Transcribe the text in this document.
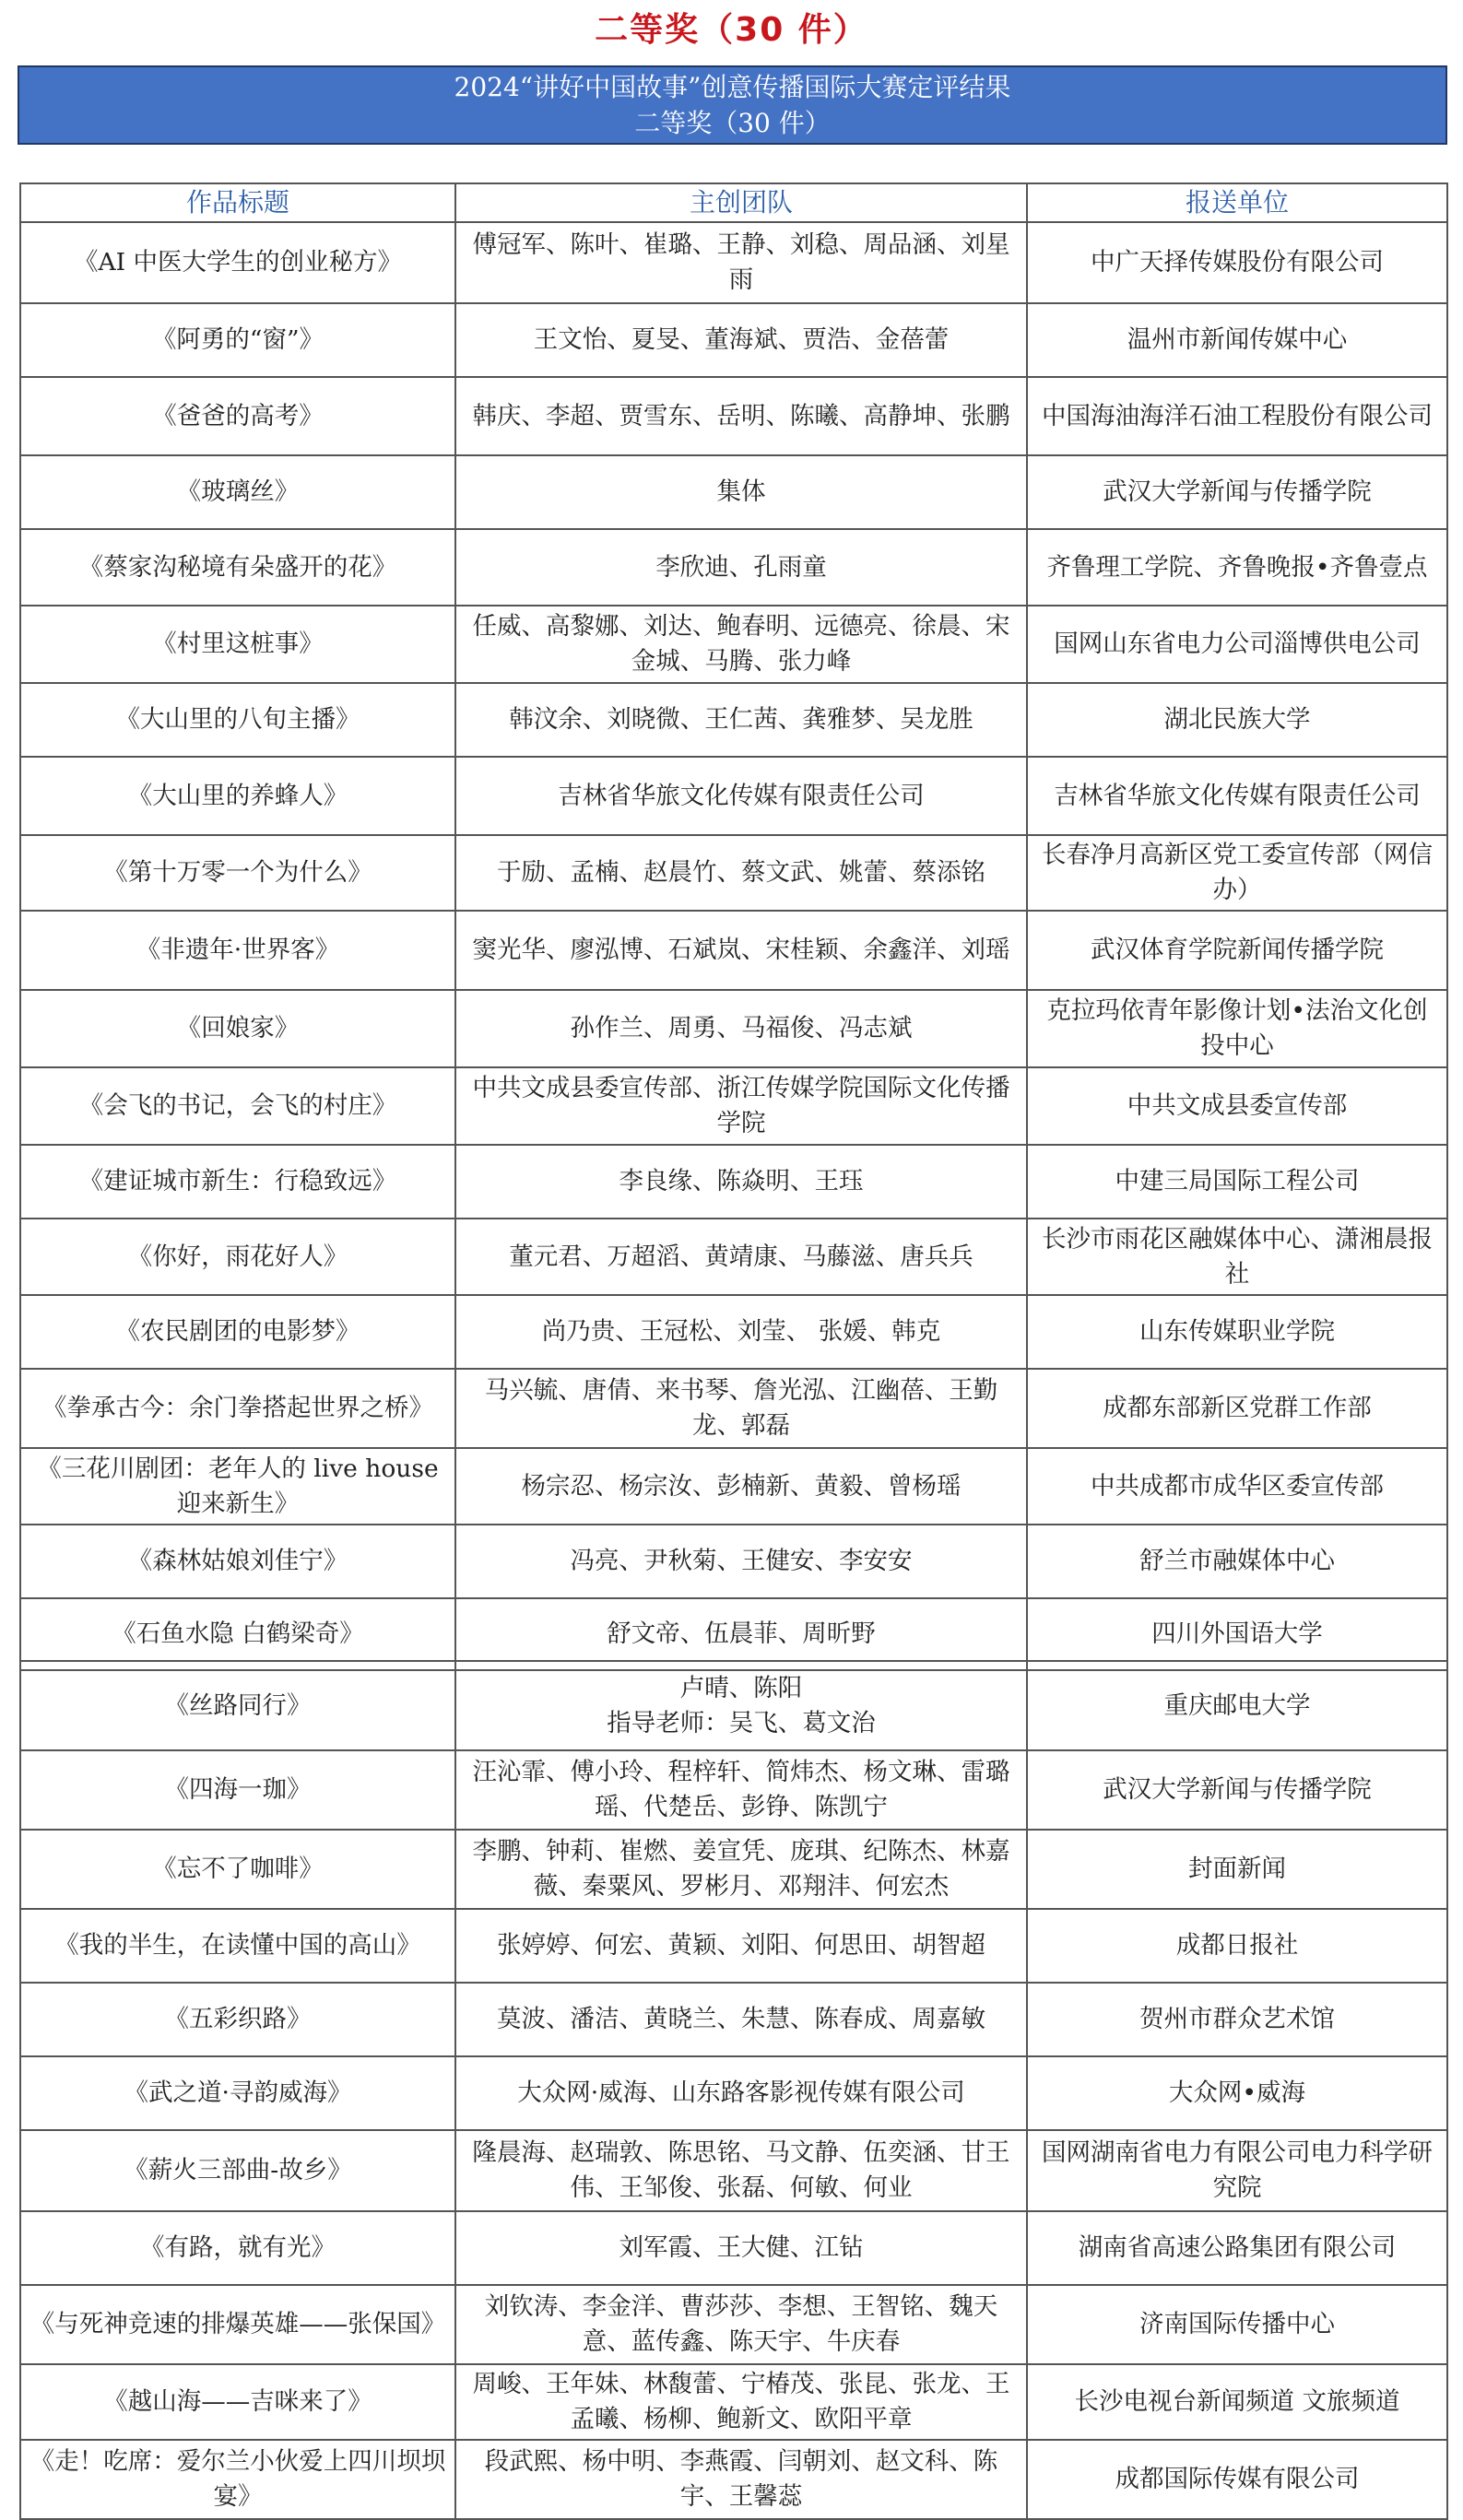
二等奖（30 件）
2024“讲好中国故事”创意传播国际大赛定评结果
二等奖（30 件）
作品标题	主创团队	报送单位
《AI 中医大学生的创业秘方》	傅冠军、陈叶、崔璐、王静、刘稳、周品涵、刘星雨	中广天择传媒股份有限公司
《阿勇的“窗”》	王文怡、夏旻、董海斌、贾浩、金蓓蕾	温州市新闻传媒中心
《爸爸的高考》	韩庆、李超、贾雪东、岳明、陈曦、高静坤、张鹏	中国海油海洋石油工程股份有限公司
《玻璃丝》	集体	武汉大学新闻与传播学院
《蔡家沟秘境有朵盛开的花》	李欣迪、孔雨童	齐鲁理工学院、齐鲁晚报•齐鲁壹点
《村里这桩事》	任威、高黎娜、刘达、鲍春明、远德亮、徐晨、宋金城、马腾、张力峰	国网山东省电力公司淄博供电公司
《大山里的八旬主播》	韩汶余、刘晓微、王仁茜、龚雅梦、吴龙胜	湖北民族大学
《大山里的养蜂人》	吉林省华旅文化传媒有限责任公司	吉林省华旅文化传媒有限责任公司
《第十万零一个为什么》	于励、孟楠、赵晨竹、蔡文武、姚蕾、蔡添铭	长春净月高新区党工委宣传部（网信办）
《非遗年·世界客》	窦光华、廖泓博、石斌岚、宋桂颖、余鑫洋、刘瑶	武汉体育学院新闻传播学院
《回娘家》	孙作兰、周勇、马福俊、冯志斌	克拉玛依青年影像计划•法治文化创投中心
《会飞的书记，会飞的村庄》	中共文成县委宣传部、浙江传媒学院国际文化传播学院	中共文成县委宣传部
《建证城市新生：行稳致远》	李良缘、陈焱明、王珏	中建三局国际工程公司
《你好，雨花好人》	董元君、万超滔、黄靖康、马藤滋、唐兵兵	长沙市雨花区融媒体中心、潇湘晨报社
《农民剧团的电影梦》	尚乃贵、王冠松、刘莹、 张媛、韩克	山东传媒职业学院
《拳承古今：余门拳搭起世界之桥》	马兴毓、唐倩、来书琴、詹光泓、江幽蓓、王勤龙、郭磊	成都东部新区党群工作部
《三花川剧团：老年人的 live house 迎来新生》	杨宗忍、杨宗汝、彭楠新、黄毅、曾杨瑶	中共成都市成华区委宣传部
《森林姑娘刘佳宁》	冯亮、尹秋菊、王健安、李安安	舒兰市融媒体中心
《石鱼水隐 白鹤梁奇》	舒文帝、伍晨菲、周昕野	四川外国语大学
《丝路同行》	卢晴、陈阳
指导老师：吴飞、葛文治	重庆邮电大学
《四海一珈》	汪沁霏、傅小玲、程梓轩、简炜杰、杨文琳、雷璐瑶、代楚岳、彭铮、陈凯宁	武汉大学新闻与传播学院
《忘不了咖啡》	李鹏、钟莉、崔燃、姜宣凭、庞琪、纪陈杰、林嘉薇、秦粟风、罗彬月、邓翔沣、何宏杰	封面新闻
《我的半生，在读懂中国的高山》	张婷婷、何宏、黄颖、刘阳、何思田、胡智超	成都日报社
《五彩织路》	莫波、潘洁、黄晓兰、朱慧、陈春成、周嘉敏	贺州市群众艺术馆
《武之道·寻韵威海》	大众网·威海、山东路客影视传媒有限公司	大众网•威海
《薪火三部曲-故乡》	隆晨海、赵瑞敦、陈思铭、马文静、伍奕涵、甘王伟、王邹俊、张磊、何敏、何业	国网湖南省电力有限公司电力科学研究院
《有路，就有光》	刘军霞、王大健、江钻	湖南省高速公路集团有限公司
《与死神竞速的排爆英雄——张保国》	刘钦涛、李金洋、曹莎莎、李想、王智铭、魏天意、蓝传鑫、陈天宇、牛庆春	济南国际传播中心
《越山海——吉咪来了》	周峻、王年妹、林馥蕾、宁椿茂、张昆、张龙、王孟曦、杨柳、鲍新文、欧阳平章	长沙电视台新闻频道 文旅频道
《走！吃席：爱尔兰小伙爱上四川坝坝宴》	段武熙、杨中明、李燕霞、闫朝刘、赵文科、陈宇、王馨蕊	成都国际传媒有限公司
